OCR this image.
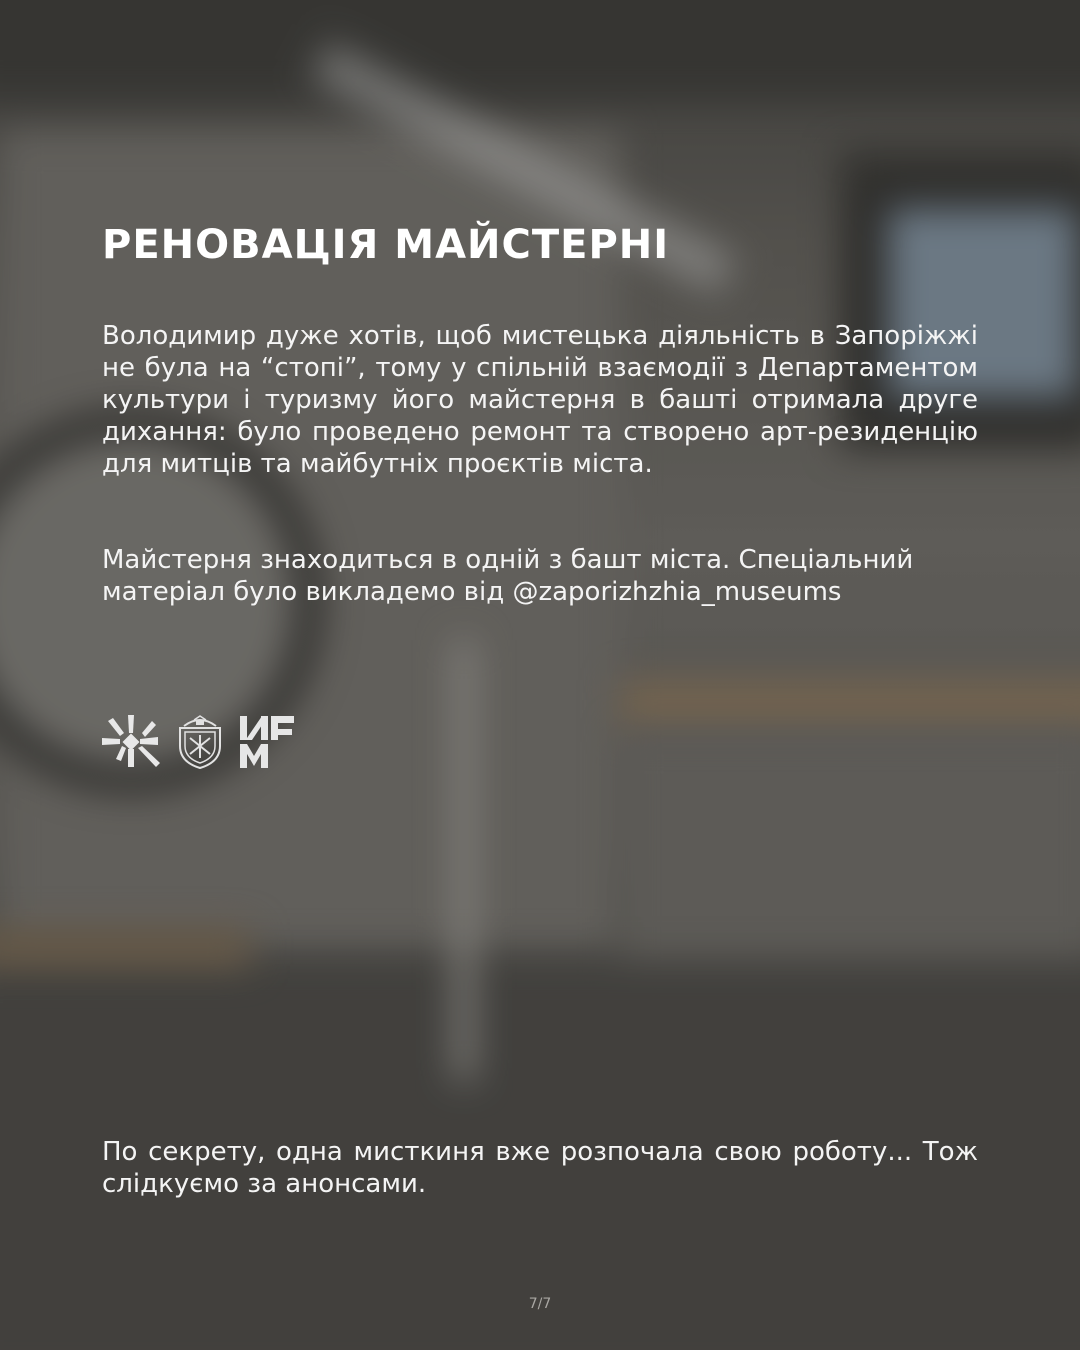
РЕНОВАЦІЯ МАЙСТЕРНІ

Володимир дуже хотів, щоб мистецька діяльність в Запоріжжі не була на “стопі”, тому у спільній взаємодії з Департаментом культури і туризму його майстерня в башті отримала друге дихання: було проведено ремонт та створено арт-резиденцію для митців та майбутніх проєктів міста.

Майстерня знаходиться в одній з башт міста. Спеціальний матеріал було викладемо від @zaporizhzhia_museums

По секрету, одна мисткиня вже розпочала свою роботу... Тож слідкуємо за анонсами.

7/7
